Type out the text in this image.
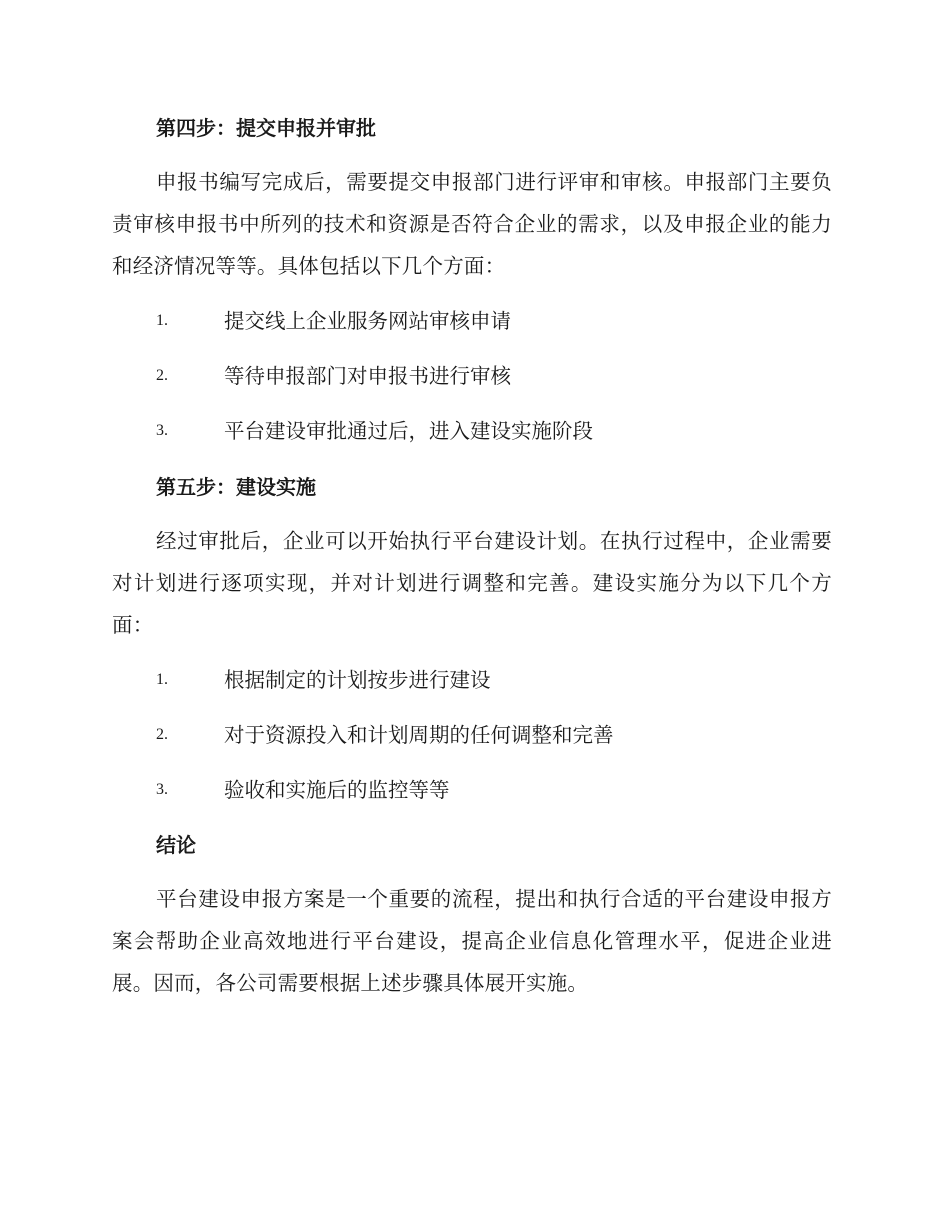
第四步：提交申报并审批

申报书编写完成后，需要提交申报部门进行评审和审核。申报部门主要负责审核申报书中所列的技术和资源是否符合企业的需求，以及申报企业的能力和经济情况等等。具体包括以下几个方面：

1.	提交线上企业服务网站审核申请
2.	等待申报部门对申报书进行审核
3.	平台建设审批通过后，进入建设实施阶段
第五步：建设实施

经过审批后，企业可以开始执行平台建设计划。在执行过程中，企业需要对计划进行逐项实现，并对计划进行调整和完善。建设实施分为以下几个方面：

1.	根据制定的计划按步进行建设
2.	对于资源投入和计划周期的任何调整和完善
3.	验收和实施后的监控等等
结论

平台建设申报方案是一个重要的流程，提出和执行合适的平台建设申报方案会帮助企业高效地进行平台建设，提高企业信息化管理水平，促进企业进展。因而，各公司需要根据上述步骤具体展开实施。
